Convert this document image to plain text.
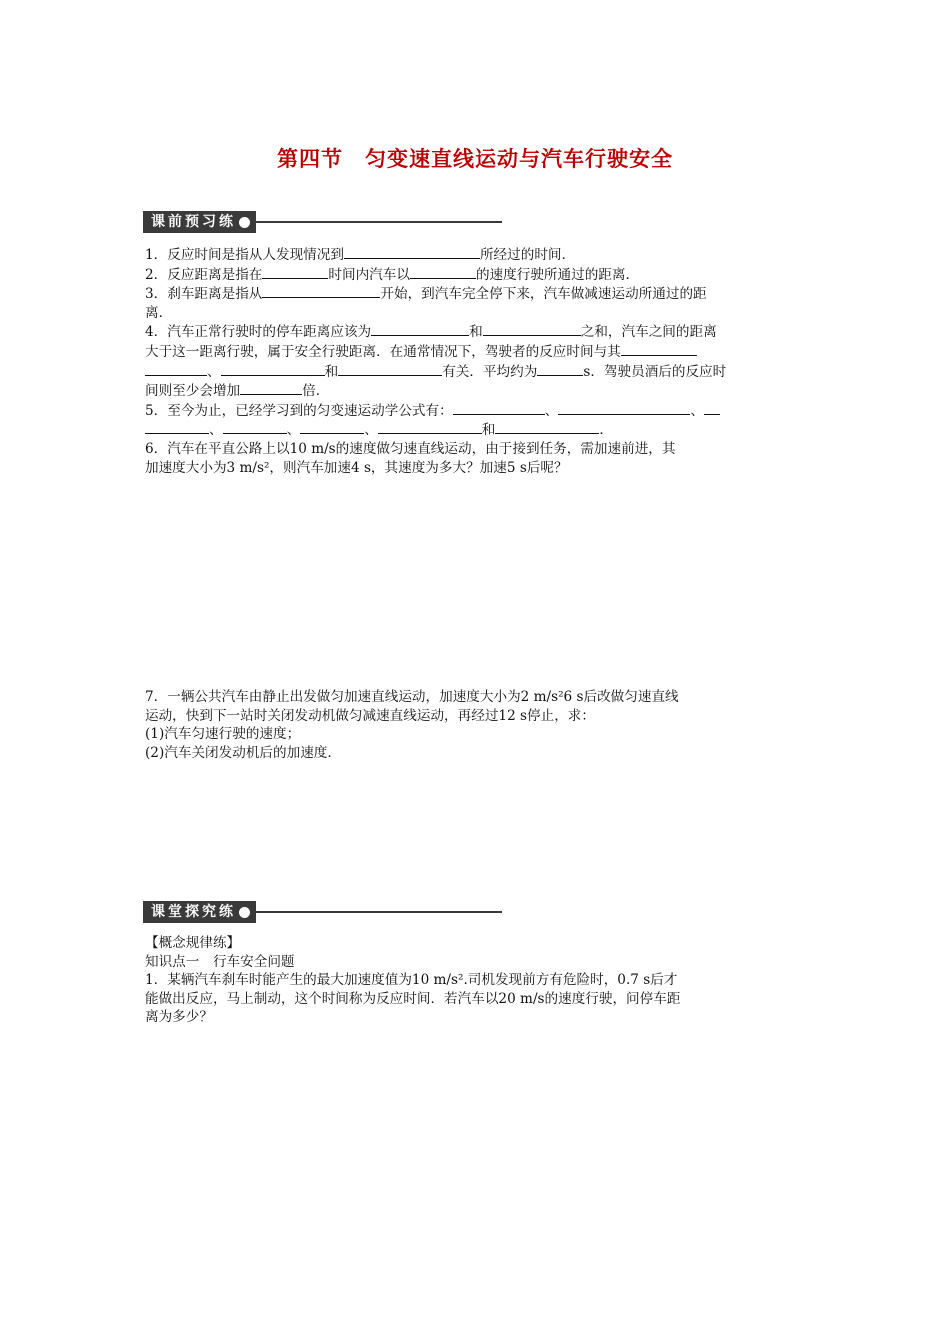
第四节　匀变速直线运动与汽车行驶安全
课前预习练

1．反应时间是指从人发现情况到	所经过的时间．

2．反应距离是指在	时间内汽车以	的速度行驶所通过的距离．

3．刹车距离是指从	开始，到汽车完全停下来，汽车做减速运动所通过的距

离．

4．汽车正常行驶时的停车距离应该为	和	之和，汽车之间的距离

大于这一距离行驶，属于安全行驶距离．在通常情况下，驾驶者的反应时间与其

、	和	有关．平均约为	s．驾驶员酒后的反应时

间则至少会增加	倍．

5．至今为止，已经学习到的匀变速运动学公式有：	、	、

、	、	、	和	．

6．汽车在平直公路上以10 m/s的速度做匀速直线运动，由于接到任务，需加速前进，其

加速度大小为3 m/s²，则汽车加速4 s，其速度为多大？加速5 s后呢？

7．一辆公共汽车由静止出发做匀加速直线运动，加速度大小为2 m/s²6 s后改做匀速直线

运动，快到下一站时关闭发动机做匀减速直线运动，再经过12 s停止，求：

(1)汽车匀速行驶的速度；

(2)汽车关闭发动机后的加速度．

课堂探究练

【概念规律练】

知识点一　行车安全问题

1．某辆汽车刹车时能产生的最大加速度值为10 m/s².司机发现前方有危险时，0.7 s后才

能做出反应，马上制动，这个时间称为反应时间．若汽车以20 m/s的速度行驶，问停车距

离为多少？
